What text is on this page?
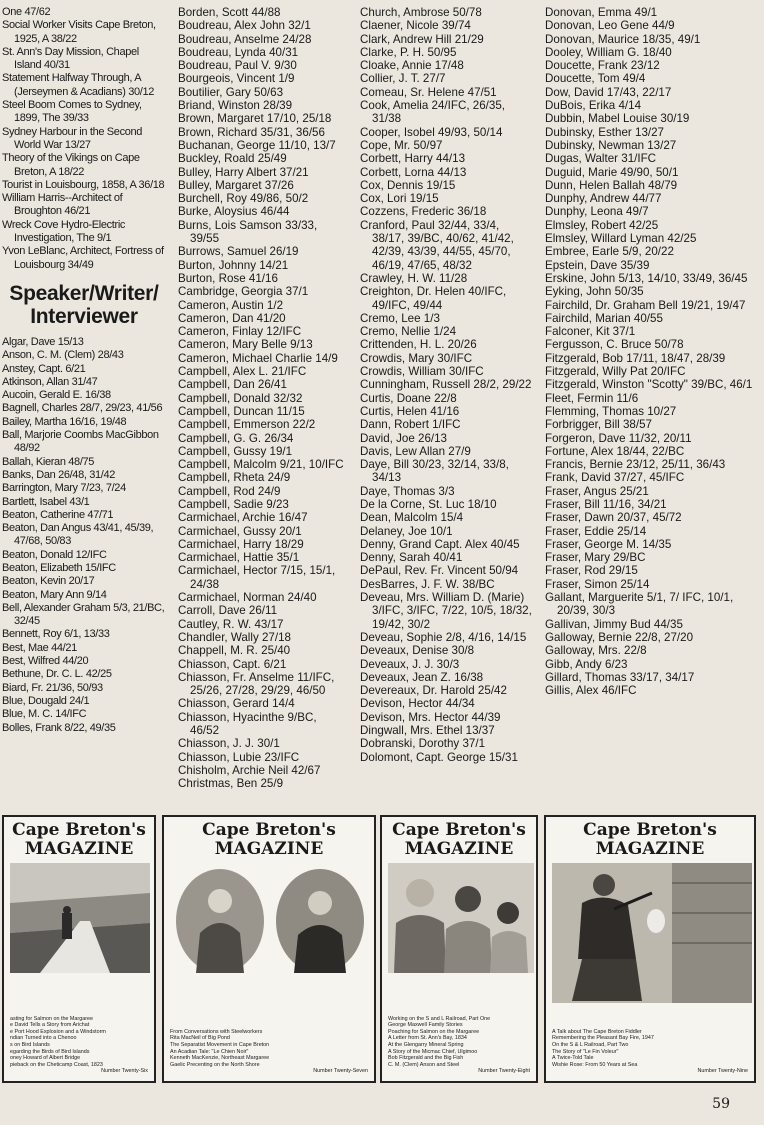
One 47/62
Social Worker Visits Cape Breton, 1925, A 38/22
St. Ann's Day Mission, Chapel Island 40/31
Statement Halfway Through, A (Jerseymen & Acadians) 30/12
Steel Boom Comes to Sydney, 1899, The 39/33
Sydney Harbour in the Second World War 13/27
Theory of the Vikings on Cape Breton, A 18/22
Tourist in Louisbourg, 1858, A 36/18
William Harris--Architect of Broughton 46/21
Wreck Cove Hydro-Electric Investigation, The 9/1
Yvon LeBlanc, Architect, Fortress of Louisbourg 34/49
Speaker/Writer/ Interviewer
Algar, Dave 15/13
Anson, C. M. (Clem) 28/43
Anstey, Capt. 6/21
Atkinson, Allan 31/47
Aucoin, Gerald E. 16/38
Bagnell, Charles 28/7, 29/23, 41/56
Bailey, Martha 16/16, 19/48
Ball, Marjorie Coombs MacGibbon 48/92
Ballah, Kieran 48/75
Banks, Dan 26/48, 31/42
Barrington, Mary 7/23, 7/24
Bartlett, Isabel 43/1
Beaton, Catherine 47/71
Beaton, Dan Angus 43/41, 45/39, 47/68, 50/83
Beaton, Donald 12/IFC
Beaton, Elizabeth 15/IFC
Beaton, Kevin 20/17
Beaton, Mary Ann 9/14
Bell, Alexander Graham 5/3, 21/BC, 32/45
Bennett, Roy 6/1, 13/33
Best, Mae 44/21
Best, Wilfred 44/20
Bethune, Dr. C. L. 42/25
Biard, Fr. 21/36, 50/93
Blue, Dougald 24/1
Blue, M. C. 14/IFC
Bolles, Frank 8/22, 49/35
Borden, Scott 44/88
Boudreau, Alex John 32/1
Boudreau, Anselme 24/28
Boudreau, Lynda 40/31
Boudreau, Paul V. 9/30
Bourgeois, Vincent 1/9
Boutilier, Gary 50/63
Briand, Winston 28/39
Brown, Margaret 17/10, 25/18
Brown, Richard 35/31, 36/56
Buchanan, George 11/10, 13/7
Buckley, Roald 25/49
Bulley, Harry Albert 37/21
Bulley, Margaret 37/26
Burchell, Roy 49/86, 50/2
Burke, Aloysius 46/44
Burns, Lois Samson 33/33, 39/55
Burrows, Samuel 26/19
Burton, Johnny 14/21
Burton, Rose 41/16
Cambridge, Georgia 37/1
Cameron, Austin 1/2
Cameron, Dan 41/20
Cameron, Finlay 12/IFC
Cameron, Mary Belle 9/13
Cameron, Michael Charlie 14/9
Campbell, Alex L. 21/IFC
Campbell, Dan 26/41
Campbell, Donald 32/32
Campbell, Duncan 11/15
Campbell, Emmerson 22/2
Campbell, G. G. 26/34
Campbell, Gussy 19/1
Campbell, Malcolm 9/21, 10/IFC
Campbell, Rheta 24/9
Campbell, Rod 24/9
Campbell, Sadie 9/23
Carmichael, Archie 16/47
Carmichael, Gussy 20/1
Carmichael, Harry 18/29
Carmichael, Hattie 35/1
Carmichael, Hector 7/15, 15/1, 24/38
Carmichael, Norman 24/40
Carroll, Dave 26/11
Cautley, R. W. 43/17
Chandler, Wally 27/18
Chappell, M. R. 25/40
Chiasson, Capt. 6/21
Chiasson, Fr. Anselme 11/IFC, 25/26, 27/28, 29/29, 46/50
Chiasson, Gerard 14/4
Chiasson, Hyacinthe 9/BC, 46/52
Chiasson, J. J. 30/1
Chiasson, Lubie 23/IFC
Chisholm, Archie Neil 42/67
Christmas, Ben 25/9
Church, Ambrose 50/78
Claener, Nicole 39/74
Clark, Andrew Hill 21/29
Clarke, P. H. 50/95
Cloake, Annie 17/48
Collier, J. T. 27/7
Comeau, Sr. Helene 47/51
Cook, Amelia 24/IFC, 26/35, 31/38
Cooper, Isobel 49/93, 50/14
Cope, Mr. 50/97
Corbett, Harry 44/13
Corbett, Lorna 44/13
Cox, Dennis 19/15
Cox, Lori 19/15
Cozzens, Frederic 36/18
Cranford, Paul 32/44, 33/4, 38/17, 39/BC, 40/62, 41/42, 42/39, 43/39, 44/55, 45/70, 46/19, 47/65, 48/32
Crawley, H. W. 11/28
Creighton, Dr. Helen 40/IFC, 49/IFC, 49/44
Cremo, Lee 1/3
Cremo, Nellie 1/24
Crittenden, H. L. 20/26
Crowdis, Mary 30/IFC
Crowdis, William 30/IFC
Cunningham, Russell 28/2, 29/22
Curtis, Doane 22/8
Curtis, Helen 41/16
Dann, Robert 1/IFC
David, Joe 26/13
Davis, Lew Allan 27/9
Daye, Bill 30/23, 32/14, 33/8, 34/13
Daye, Thomas 3/3
De la Corne, St. Luc 18/10
Dean, Malcolm 15/4
Delaney, Joe 10/1
Denny, Grand Capt. Alex 40/45
Denny, Sarah 40/41
DePaul, Rev. Fr. Vincent 50/94
DesBarres, J. F. W. 38/BC
Deveau, Mrs. William D. (Marie) 3/IFC, 3/IFC, 7/22, 10/5, 18/32, 19/42, 30/2
Deveau, Sophie 2/8, 4/16, 14/15
Deveaux, Denise 30/8
Deveaux, J. J. 30/3
Deveaux, Jean Z. 16/38
Devereaux, Dr. Harold 25/42
Devison, Hector 44/34
Devison, Mrs. Hector 44/39
Dingwall, Mrs. Ethel 13/37
Dobranski, Dorothy 37/1
Dolomont, Capt. George 15/31
Donovan, Emma 49/1
Donovan, Leo Gene 44/9
Donovan, Maurice 18/35, 49/1
Dooley, William G. 18/40
Doucette, Frank 23/12
Doucette, Tom 49/4
Dow, David 17/43, 22/17
DuBois, Erika 4/14
Dubbin, Mabel Louise 30/19
Dubinsky, Esther 13/27
Dubinsky, Newman 13/27
Dugas, Walter 31/IFC
Duguid, Marie 49/90, 50/1
Dunn, Helen Ballah 48/79
Dunphy, Andrew 44/77
Dunphy, Leona 49/7
Elmsley, Robert 42/25
Elmsley, Willard Lyman 42/25
Embree, Earle 5/9, 20/22
Epstein, Dave 35/39
Erskine, John 5/13, 14/10, 33/49, 36/45
Eyking, John 50/35
Fairchild, Dr. Graham Bell 19/21, 19/47
Fairchild, Marian 40/55
Falconer, Kit 37/1
Fergusson, C. Bruce 50/78
Fitzgerald, Bob 17/11, 18/47, 28/39
Fitzgerald, Willy Pat 20/IFC
Fitzgerald, Winston "Scotty" 39/BC, 46/1
Fleet, Fermin 11/6
Flemming, Thomas 10/27
Forbrigger, Bill 38/57
Forgeron, Dave 11/32, 20/11
Fortune, Alex 18/44, 22/BC
Francis, Bernie 23/12, 25/11, 36/43
Frank, David 37/27, 45/IFC
Fraser, Angus 25/21
Fraser, Bill 11/16, 34/21
Fraser, Dawn 20/37, 45/72
Fraser, Eddie 25/14
Fraser, George M. 14/35
Fraser, Mary 29/BC
Fraser, Rod 29/15
Fraser, Simon 25/14
Gallant, Marguerite 5/1, 7/ IFC, 10/1, 20/39, 30/3
Gallivan, Jimmy Bud 44/35
Galloway, Bernie 22/8, 27/20
Galloway, Mrs. 22/8
Gibb, Andy 6/23
Gillard, Thomas 33/17, 34/17
Gillis, Alex 46/IFC
Cape Breton's
MAGAZINE
asting for Salmon on the Margaree
e David Tells a Story from Arichat
e Port Hood Explosion and a Windstorm
ndian Turned into a Chenoo
s on Bird Islands
egarding the Birds of Bird Islands
oney Howard of Albert Bridge
pieback on the Cheticamp Coast, 1823
Number Twenty-Six
Cape Breton's
MAGAZINE
From Conversations with Steelworkers
Rita MacNeil of Big Pond
The Separatist Movement in Cape Breton
An Acadian Tale: "Le Chien Noir"
Kenneth MacKenzie, Northeast Margaree
Gaelic Precenting on the North Shore
Number Twenty-Seven
Cape Breton's
MAGAZINE
Working on the S and L Railroad, Part One
George Maxwell Family Stories
Poaching for Salmon on the Margaree
A Letter from St. Ann's Bay, 1834
At the Glengarry Mineral Spring
A Story of the Micmac Chief, Ulgimoo
Bob Fitzgerald and the Big Fish
C. M. (Clem) Anson and Steel
Number Twenty-Eight
Cape Breton's
MAGAZINE
A Talk about The Cape Breton Fiddler
Remembering the Pleasant Bay Fire, 1947
On the S & L Railroad, Part Two
The Story of "Le Fin Voleur"
A Twice-Told Tale
Wishie Rose: From 50 Years at Sea
Number Twenty-Nine
59
